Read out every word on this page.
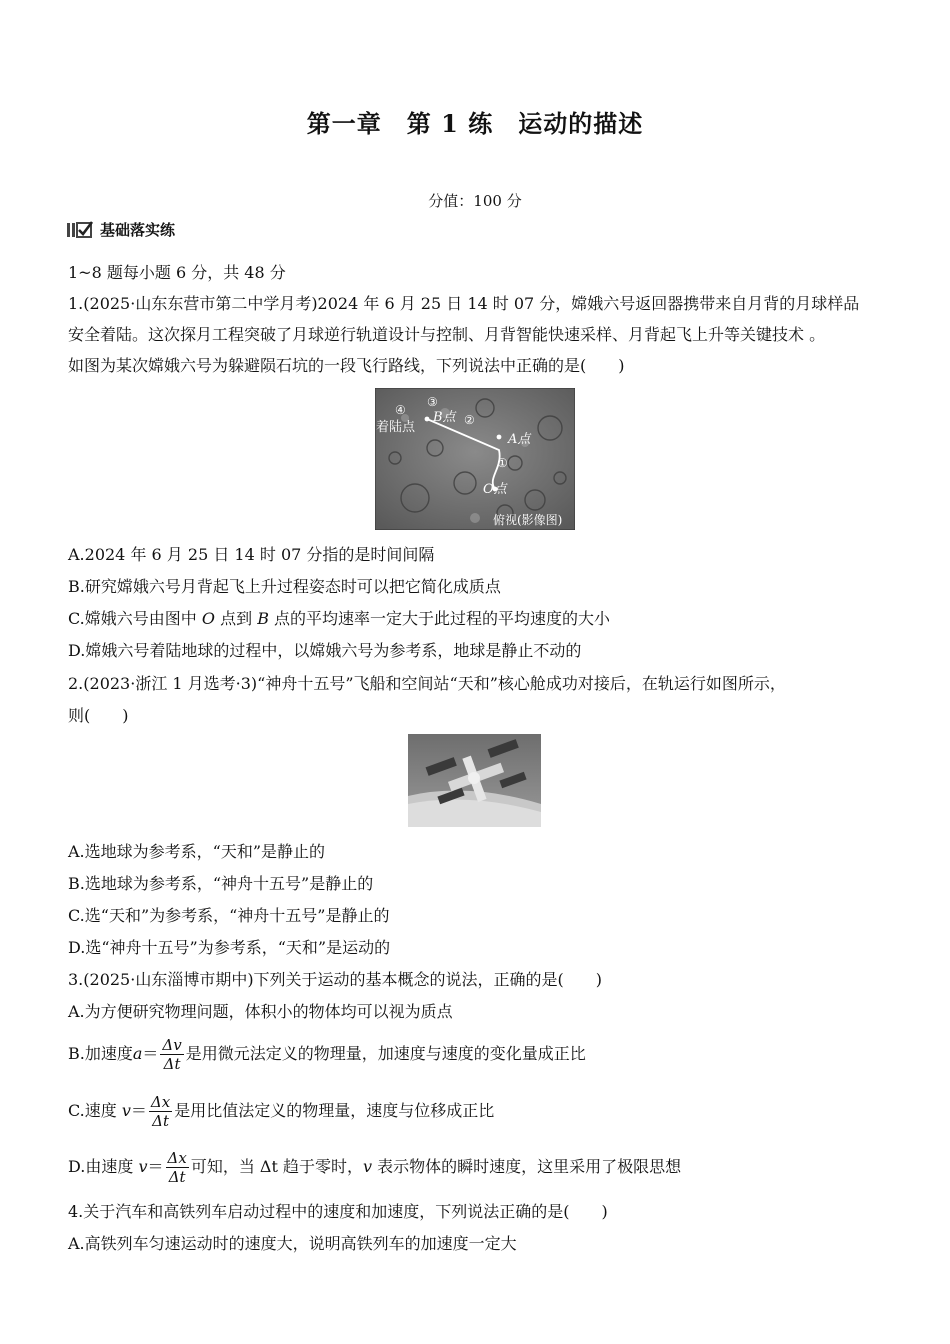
第一章　第 1 练　运动的描述
分值：100 分
基础落实练
1~8 题每小题 6 分，共 48 分
1.(2025·山东东营市第二中学月考)2024 年 6 月 25 日 14 时 07 分，嫦娥六号返回器携带来自月背的月球样品
安全着陆。这次探月工程突破了月球逆行轨道设计与控制、月背智能快速采样、月背起飞上升等关键技术 。
如图为某次嫦娥六号为躲避陨石坑的一段飞行路线，下列说法中正确的是(　　)
④
③
②
①
着陆点
B点
A点
O点
俯视(影像图)
A.2024 年 6 月 25 日 14 时 07 分指的是时间间隔
B.研究嫦娥六号月背起飞上升过程姿态时可以把它简化成质点
C.嫦娥六号由图中 O 点到 B 点的平均速率一定大于此过程的平均速度的大小
D.嫦娥六号着陆地球的过程中，以嫦娥六号为参考系，地球是静止不动的
2.(2023·浙江 1 月选考·3)“神舟十五号”飞船和空间站“天和”核心舱成功对接后，在轨运行如图所示，
则(　　)
A.选地球为参考系，“天和”是静止的
B.选地球为参考系，“神舟十五号”是静止的
C.选“天和”为参考系，“神舟十五号”是静止的
D.选“神舟十五号”为参考系，“天和”是运动的
3.(2025·山东淄博市期中)下列关于运动的基本概念的说法，正确的是(　　)
A.为方便研究物理问题，体积小的物体均可以视为质点
B.加速度$a= \frac{\Delta v}{\Delta t}$ 是用微元法定义的物理量，加速度与速度的变化量成正比
C.速度 $v= \frac{\Delta x}{\Delta t}$ 是用比值法定义的物理量，速度与位移成正比
D.由速度 $v= \frac{\Delta x}{\Delta t}$ 可知，当 Δt 趋于零时，v 表示物体的瞬时速度，这里采用了极限思想
4.关于汽车和高铁列车启动过程中的速度和加速度，下列说法正确的是(　　)
A.高铁列车匀速运动时的速度大，说明高铁列车的加速度一定大
